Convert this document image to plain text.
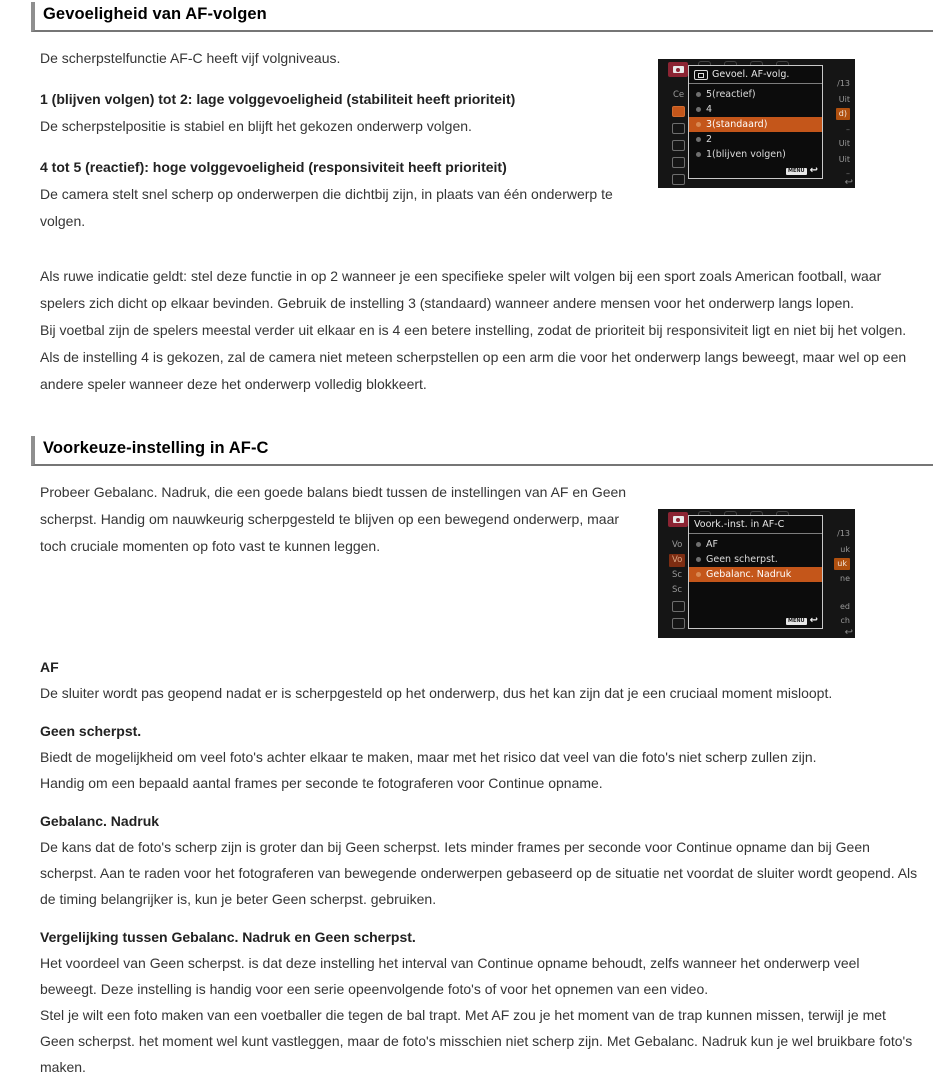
Gevoeligheid van AF-volgen
Ce
/13
Uit
d)
–
Uit
Uit
–
Gevoel. AF-volg.
5(reactief)
4
3(standaard)
2
1(blijven volgen)
MENU ↩
↩

De scherpstelfunctie AF-C heeft vijf volgniveaus.

1 (blijven volgen) tot 2: lage volggevoeligheid (stabiliteit heeft prioriteit)

De scherpstelpositie is stabiel en blijft het gekozen onderwerp volgen.

4 tot 5 (reactief): hoge volggevoeligheid (responsiviteit heeft prioriteit)

De camera stelt snel scherp op onderwerpen die dichtbij zijn, in plaats van één onderwerp te volgen.

Als ruwe indicatie geldt: stel deze functie in op 2 wanneer je een specifieke speler wilt volgen bij een sport zoals American football, waar spelers zich dicht op elkaar bevinden. Gebruik de instelling 3 (standaard) wanneer andere mensen voor het onderwerp langs lopen.

Bij voetbal zijn de spelers meestal verder uit elkaar en is 4 een betere instelling, zodat de prioriteit bij responsiviteit ligt en niet bij het volgen. Als de instelling 4 is gekozen, zal de camera niet meteen scherpstellen op een arm die voor het onderwerp langs beweegt, maar wel op een andere speler wanneer deze het onderwerp volledig blokkeert.

Voorkeuze-instelling in AF-C
Vo
Vo
Sc
Sc
/13
uk
uk
ne
ed
ch
Voork.-inst. in AF-C
AF
Geen scherpst.
Gebalanc. Nadruk
MENU ↩
↩

Probeer Gebalanc. Nadruk, die een goede balans biedt tussen de instellingen van AF en Geen scherpst. Handig om nauwkeurig scherpgesteld te blijven op een bewegend onderwerp, maar toch cruciale momenten op foto vast te kunnen leggen.

AF

De sluiter wordt pas geopend nadat er is scherpgesteld op het onderwerp, dus het kan zijn dat je een cruciaal moment misloopt.

Geen scherpst.

Biedt de mogelijkheid om veel foto's achter elkaar te maken, maar met het risico dat veel van die foto's niet scherp zullen zijn.

Handig om een bepaald aantal frames per seconde te fotograferen voor Continue opname.

Gebalanc. Nadruk

De kans dat de foto's scherp zijn is groter dan bij Geen scherpst. Iets minder frames per seconde voor Continue opname dan bij Geen scherpst. Aan te raden voor het fotograferen van bewegende onderwerpen gebaseerd op de situatie net voordat de sluiter wordt geopend. Als de timing belangrijker is, kun je beter Geen scherpst. gebruiken.

Vergelijking tussen Gebalanc. Nadruk en Geen scherpst.

Het voordeel van Geen scherpst. is dat deze instelling het interval van Continue opname behoudt, zelfs wanneer het onderwerp veel beweegt. Deze instelling is handig voor een serie opeenvolgende foto's of voor het opnemen van een video.

Stel je wilt een foto maken van een voetballer die tegen de bal trapt. Met AF zou je het moment van de trap kunnen missen, terwijl je met Geen scherpst. het moment wel kunt vastleggen, maar de foto's misschien niet scherp zijn. Met Gebalanc. Nadruk kun je wel bruikbare foto's maken.
